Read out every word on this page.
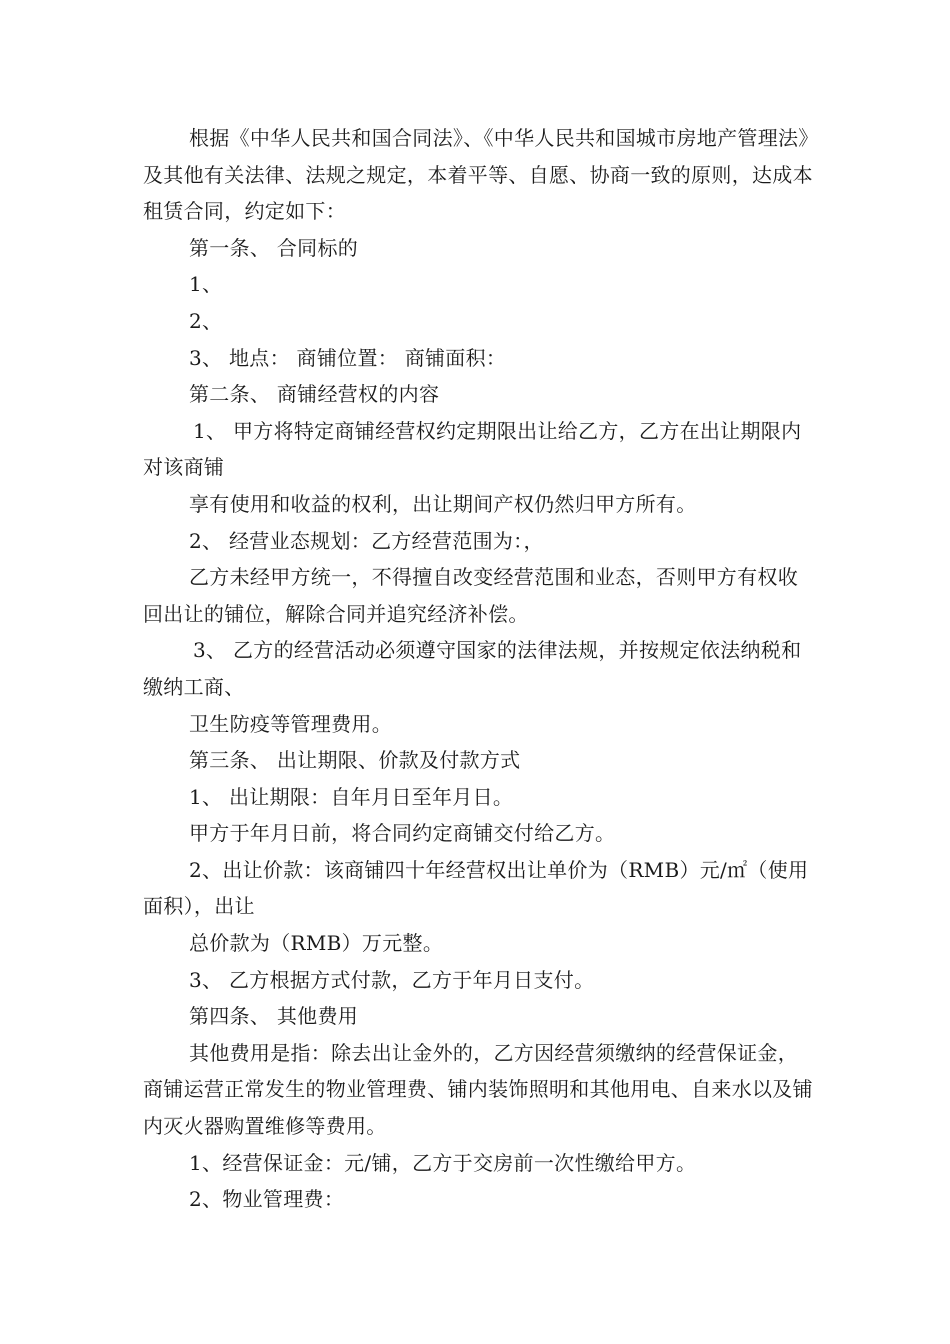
根据《中华人民共和国合同法》、《中华人民共和国城市房地产管理法》及其他有关法律、法规之规定，本着平等、自愿、协商一致的原则，达成本租赁合同，约定如下：

第一条、 合同标的

1、

2、

3、 地点： 商铺位置： 商铺面积：

第二条、 商铺经营权的内容

1、 甲方将特定商铺经营权约定期限出让给乙方，乙方在出让期限内对该商铺

享有使用和收益的权利，出让期间产权仍然归甲方所有。

2、 经营业态规划：乙方经营范围为：，

乙方未经甲方统一，不得擅自改变经营范围和业态，否则甲方有权收回出让的铺位，解除合同并追究经济补偿。

3、 乙方的经营活动必须遵守国家的法律法规，并按规定依法纳税和缴纳工商、

卫生防疫等管理费用。

第三条、 出让期限、价款及付款方式

1、 出让期限：自年月日至年月日。

甲方于年月日前，将合同约定商铺交付给乙方。

2、出让价款：该商铺四十年经营权出让单价为（RMB）元/㎡（使用面积），出让

总价款为（RMB）万元整。

3、 乙方根据方式付款，乙方于年月日支付。

第四条、 其他费用

其他费用是指：除去出让金外的，乙方因经营须缴纳的经营保证金，商铺运营正常发生的物业管理费、铺内装饰照明和其他用电、自来水以及铺内灭火器购置维修等费用。

1、经营保证金：元/铺，乙方于交房前一次性缴给甲方。

2、物业管理费：
